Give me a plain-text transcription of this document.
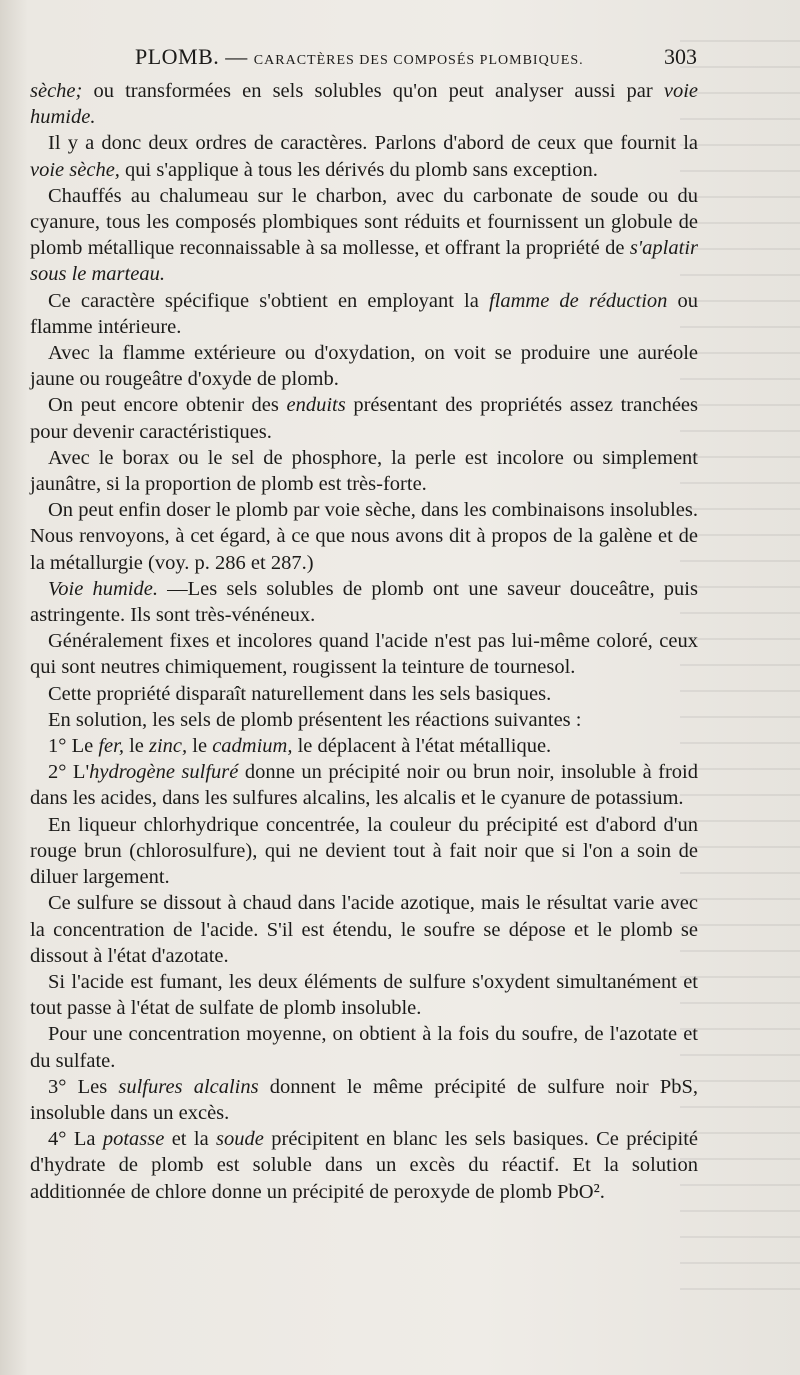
PLOMB. — CARACTÈRES DES COMPOSÉS PLOMBIQUES.	303

sèche; ou transformées en sels solubles qu'on peut analyser aussi par voie humide.

Il y a donc deux ordres de caractères. Parlons d'abord de ceux que fournit la voie sèche, qui s'applique à tous les dérivés du plomb sans exception.

Chauffés au chalumeau sur le charbon, avec du carbonate de soude ou du cyanure, tous les composés plombiques sont réduits et fournissent un globule de plomb métallique reconnaissable à sa mollesse, et offrant la propriété de s'aplatir sous le marteau.

Ce caractère spécifique s'obtient en employant la flamme de réduction ou flamme intérieure.

Avec la flamme extérieure ou d'oxydation, on voit se produire une auréole jaune ou rougeâtre d'oxyde de plomb.

On peut encore obtenir des enduits présentant des propriétés assez tranchées pour devenir caractéristiques.

Avec le borax ou le sel de phosphore, la perle est incolore ou simplement jaunâtre, si la proportion de plomb est très-forte.

On peut enfin doser le plomb par voie sèche, dans les combinaisons insolubles. Nous renvoyons, à cet égard, à ce que nous avons dit à propos de la galène et de la métallurgie (voy. p. 286 et 287.)

Voie humide. —Les sels solubles de plomb ont une saveur douceâtre, puis astringente. Ils sont très-vénéneux.

Généralement fixes et incolores quand l'acide n'est pas lui-même coloré, ceux qui sont neutres chimiquement, rougissent la teinture de tournesol.

Cette propriété disparaît naturellement dans les sels basiques.

En solution, les sels de plomb présentent les réactions suivantes :

1° Le fer, le zinc, le cadmium, le déplacent à l'état métallique.

2° L'hydrogène sulfuré donne un précipité noir ou brun noir, insoluble à froid dans les acides, dans les sulfures alcalins, les alcalis et le cyanure de potassium.

En liqueur chlorhydrique concentrée, la couleur du précipité est d'abord d'un rouge brun (chlorosulfure), qui ne devient tout à fait noir que si l'on a soin de diluer largement.

Ce sulfure se dissout à chaud dans l'acide azotique, mais le résultat varie avec la concentration de l'acide. S'il est étendu, le soufre se dépose et le plomb se dissout à l'état d'azotate.

Si l'acide est fumant, les deux éléments de sulfure s'oxydent simultanément et tout passe à l'état de sulfate de plomb insoluble.

Pour une concentration moyenne, on obtient à la fois du soufre, de l'azotate et du sulfate.

3° Les sulfures alcalins donnent le même précipité de sulfure noir PbS, insoluble dans un excès.

4° La potasse et la soude précipitent en blanc les sels basiques. Ce précipité d'hydrate de plomb est soluble dans un excès du réactif. Et la solution additionnée de chlore donne un précipité de peroxyde de plomb PbO².
